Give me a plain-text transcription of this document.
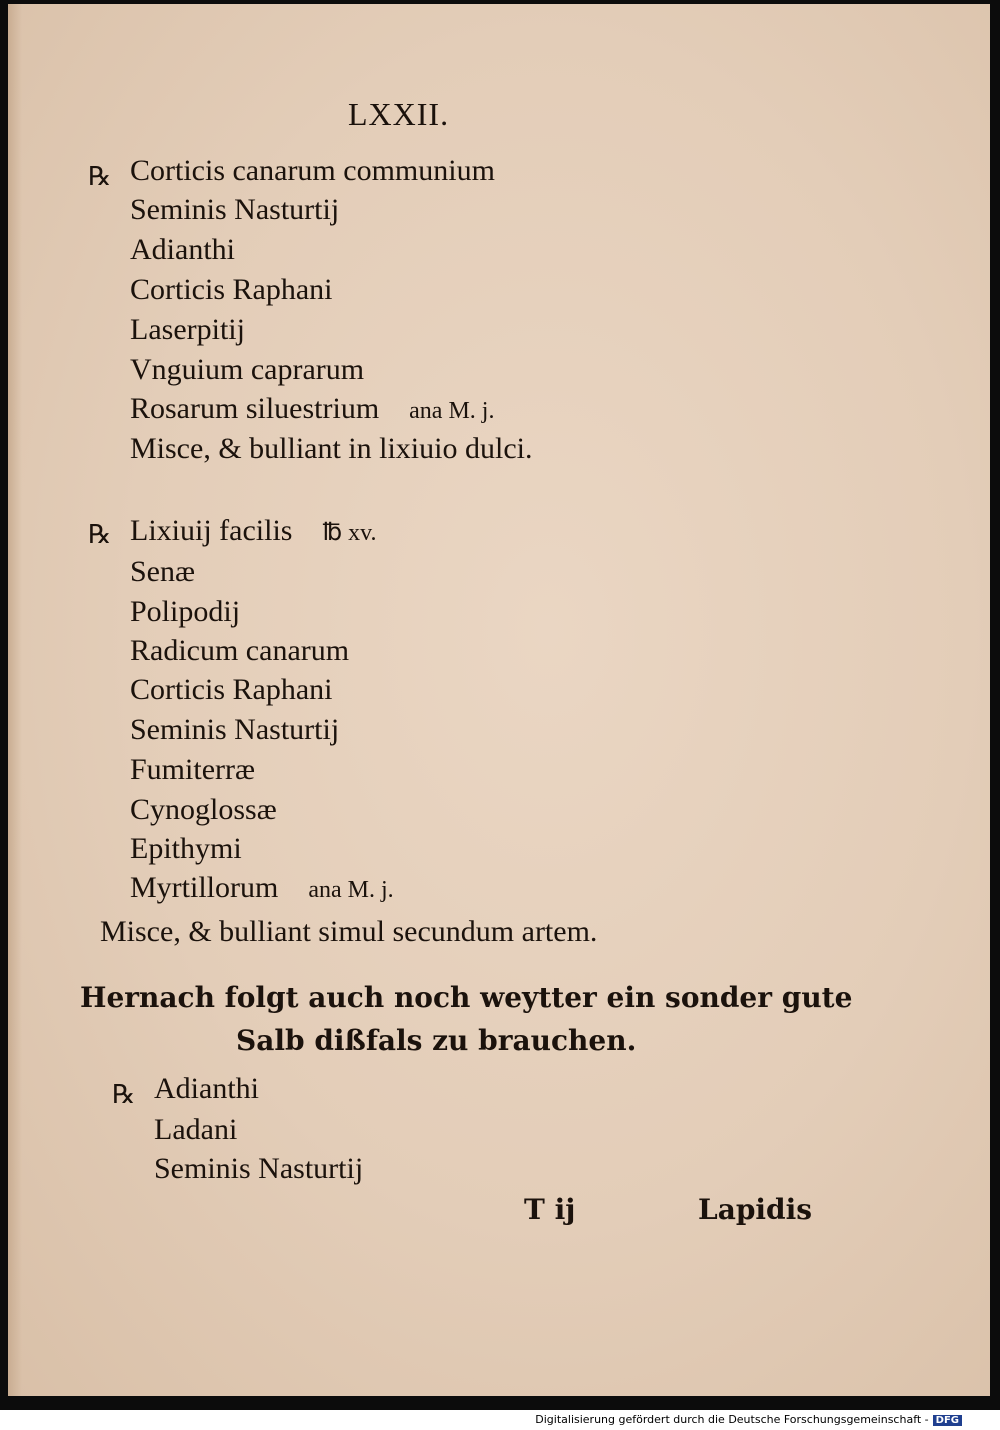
LXXII.
℞ Corticis canarum communium
Seminis Nasturtij
Adianthi
Corticis Raphani
Laserpitij
Vnguium caprarum
Rosarum siluestrium ana M. j.
Misce, & bulliant in lixiuio dulci.
℞ Lixiuij facilis ℔ xv.
Senæ
Polipodij
Radicum canarum
Corticis Raphani
Seminis Nasturtij
Fumiterræ
Cynoglossæ
Epithymi
Myrtillorum ana M. j.
Misce, & bulliant simul secundum artem.
Hernach folgt auch noch weytter ein sonder gute
Salb dißfals zu brauchen.
℞ Adianthi
Ladani
Seminis Nasturtij
T ij	Lapidis
Digitalisierung gefördert durch die Deutsche Forschungsgemeinschaft - DFG
